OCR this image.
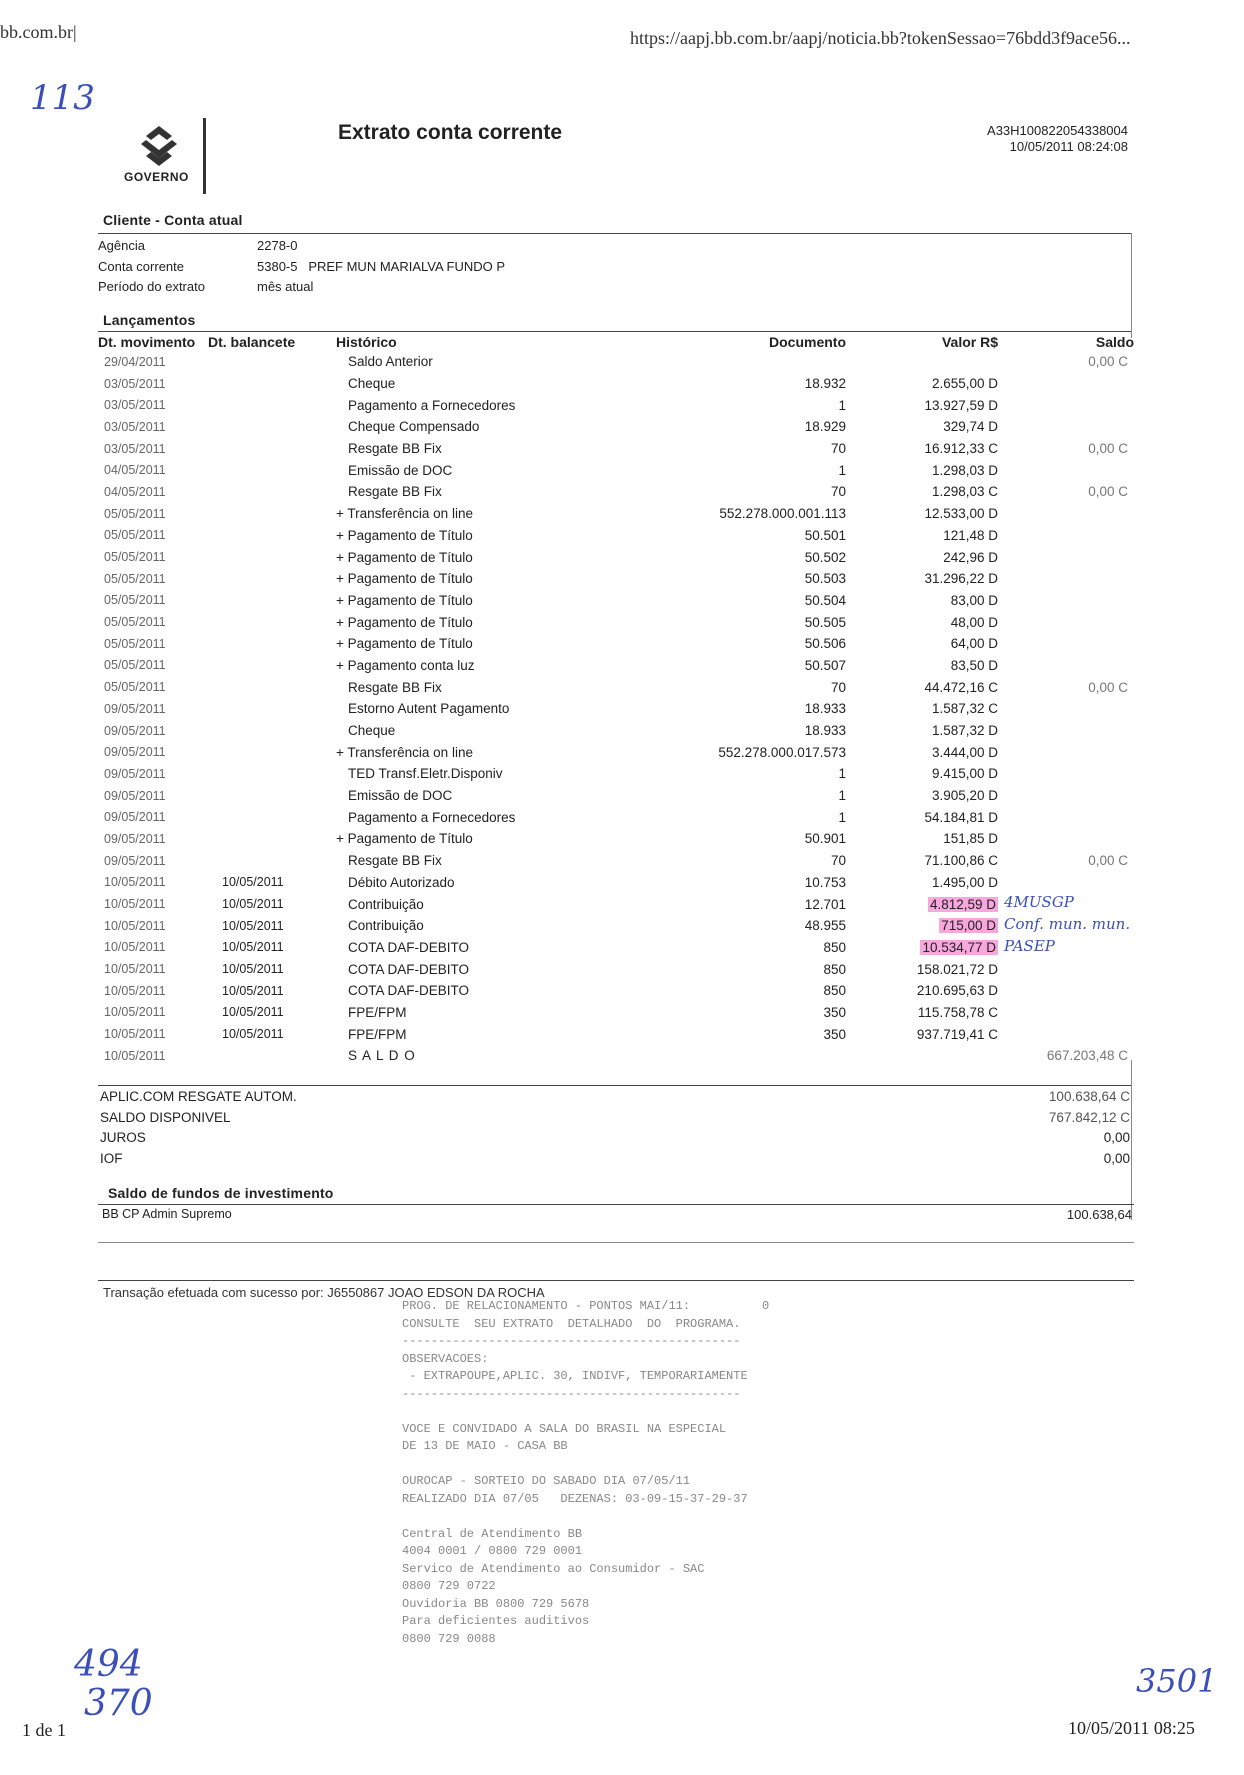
bb.com.br|	https://aapj.bb.com.br/aapj/noticia.bb?tokenSessao=76bdd3f9ace56...
113
GOVERNO
Extrato conta corrente	A33H100822054338004
10/05/2011 08:24:08
Cliente - Conta atual
Agência	2278-0
Conta corrente	5380-5   PREF MUN MARIALVA FUNDO P
Período do extrato	mês atual
Lançamentos
Dt. movimento	Dt. balancete	Histórico	Documento	Valor R$	Saldo
29/04/2011		Saldo Anterior			0,00 C
03/05/2011		Cheque	18.932	2.655,00 D	
03/05/2011		Pagamento a Fornecedores	1	13.927,59 D	
03/05/2011		Cheque Compensado	18.929	329,74 D	
03/05/2011		Resgate BB Fix	70	16.912,33 C	0,00 C
04/05/2011		Emissão de DOC	1	1.298,03 D	
04/05/2011		Resgate BB Fix	70	1.298,03 C	0,00 C
05/05/2011		+ Transferência on line	552.278.000.001.113	12.533,00 D	
05/05/2011		+ Pagamento de Título	50.501	121,48 D	
05/05/2011		+ Pagamento de Título	50.502	242,96 D	
05/05/2011		+ Pagamento de Título	50.503	31.296,22 D	
05/05/2011		+ Pagamento de Título	50.504	83,00 D	
05/05/2011		+ Pagamento de Título	50.505	48,00 D	
05/05/2011		+ Pagamento de Título	50.506	64,00 D	
05/05/2011		+ Pagamento conta luz	50.507	83,50 D	
05/05/2011		Resgate BB Fix	70	44.472,16 C	0,00 C
09/05/2011		Estorno Autent Pagamento	18.933	1.587,32 C	
09/05/2011		Cheque	18.933	1.587,32 D	
09/05/2011		+ Transferência on line	552.278.000.017.573	3.444,00 D	
09/05/2011		TED Transf.Eletr.Disponiv	1	9.415,00 D	
09/05/2011		Emissão de DOC	1	3.905,20 D	
09/05/2011		Pagamento a Fornecedores	1	54.184,81 D	
09/05/2011		+ Pagamento de Título	50.901	151,85 D	
09/05/2011		Resgate BB Fix	70	71.100,86 C	0,00 C
10/05/2011	10/05/2011	Débito Autorizado	10.753	1.495,00 D	
10/05/2011	10/05/2011	Contribuição	12.701	4.812,59 D 4MUSGP	

10/05/2011	10/05/2011	Contribuição	48.955	715,00 D Conf. mun. mun.	

10/05/2011	10/05/2011	COTA DAF-DEBITO	850	10.534,77 D PASEP	

10/05/2011	10/05/2011	COTA DAF-DEBITO	850	158.021,72 D	
10/05/2011	10/05/2011	COTA DAF-DEBITO	850	210.695,63 D	
10/05/2011	10/05/2011	FPE/FPM	350	115.758,78 C	
10/05/2011	10/05/2011	FPE/FPM	350	937.719,41 C	
10/05/2011		S A L D O			667.203,48 C
APLIC.COM RESGATE AUTOM.	100.638,64 C
SALDO DISPONIVEL	767.842,12 C
JUROS	0,00
IOF	0,00
Saldo de fundos de investimento
BB CP Admin Supremo	100.638,64
Transação efetuada com sucesso por: J6550867 JOAO EDSON DA ROCHA
PROG. DE RELACIONAMENTO - PONTOS MAI/11:          0
CONSULTE  SEU EXTRATO  DETALHADO  DO  PROGRAMA.
-----------------------------------------------
OBSERVACOES:
- EXTRAPOUPE,APLIC. 30, INDIVF, TEMPORARIAMENTE
-----------------------------------------------
VOCE E CONVIDADO A SALA DO BRASIL NA ESPECIAL
DE 13 DE MAIO - CASA BB
OUROCAP - SORTEIO DO SABADO DIA 07/05/11
REALIZADO DIA 07/05   DEZENAS: 03-09-15-37-29-37
Central de Atendimento BB
4004 0001 / 0800 729 0001
Servico de Atendimento ao Consumidor - SAC
0800 729 0722
Ouvidoria BB 0800 729 5678
Para deficientes auditivos
0800 729 0088
494
370
3501
1 de 1	10/05/2011 08:25
